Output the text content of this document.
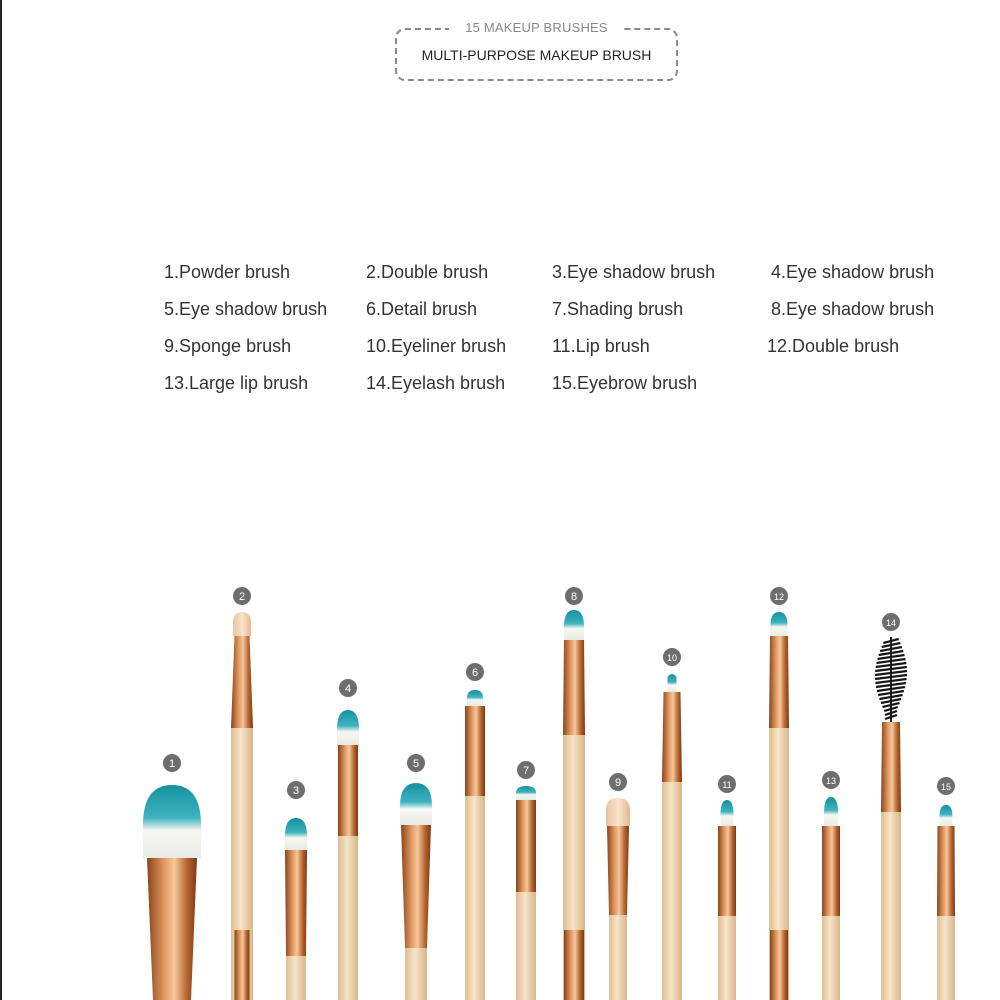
15 MAKEUP BRUSHES
MULTI-PURPOSE MAKEUP BRUSH
1.Powder brush	2.Double brush	3.Eye shadow brush	4.Eye shadow brush
5.Eye shadow brush 6.Detail brush	7.Shading brush	8.Eye shadow brush
9.Sponge brush	10.Eyeliner brush	11.Lip brush	12.Double brush
13.Large lip brush	14.Eyelash brush	15.Eyebrow brush
1
2
3
4
5
6
7
8
9
10
11
12
13
14
15
